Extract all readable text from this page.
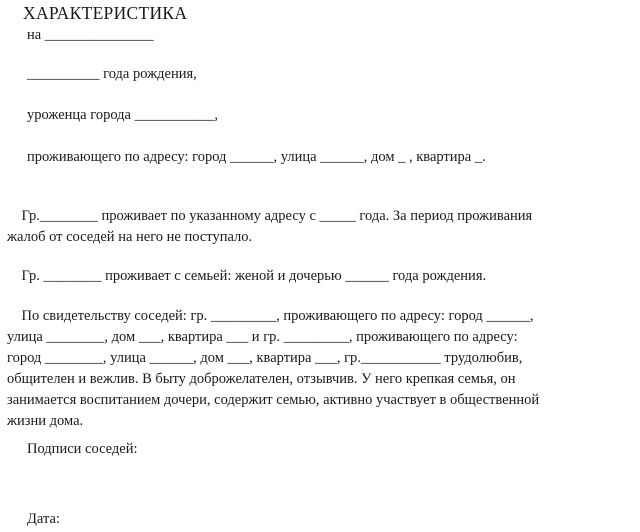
ХАРАКТЕРИСТИКА
на _______________
__________ года рождения,
уроженца города ___________,
проживающего по адресу: город ______, улица ______, дом _ , квартира _.
Гр.________ проживает по указанному адресу с _____ года. За период проживания
жалоб от соседей на него не поступало.
Гр. ________ проживает с семьей: женой и дочерью ______ года рождения.
По свидетельству соседей: гр. _________, проживающего по адресу: город ______,
улица ________, дом ___, квартира ___ и гр. _________, проживающего по адресу:
город ________, улица ______, дом ___, квартира ___, гр.___________ трудолюбив,
общителен и вежлив. В быту доброжелателен, отзывчив. У него крепкая семья, он
занимается воспитанием дочери, содержит семью, активно участвует в общественной
жизни дома.
Подписи соседей:
Дата:
